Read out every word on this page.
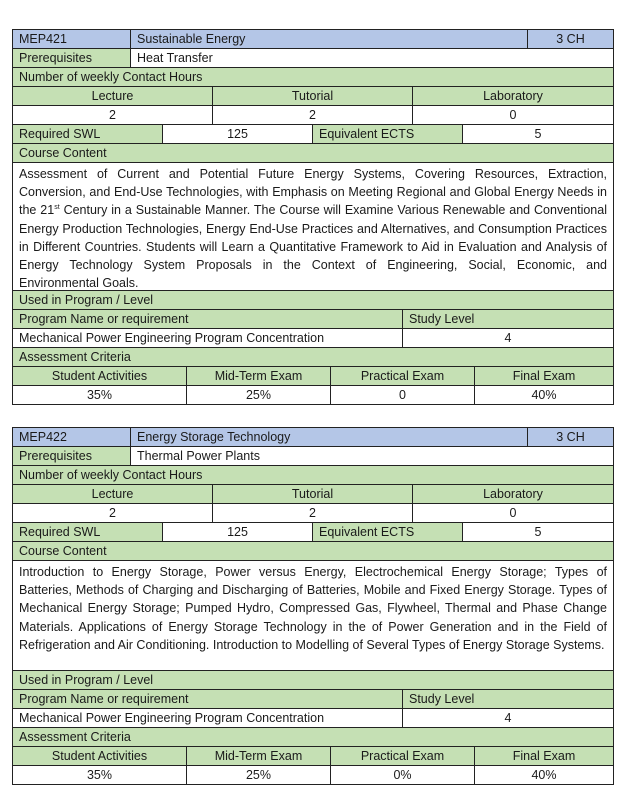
MEP421	Sustainable Energy	3 CH
Prerequisites	Heat Transfer
Number of weekly Contact Hours
Lecture	Tutorial	Laboratory
2	2	0
Required SWL	125	Equivalent ECTS	5
Course Content
Assessment of Current and Potential Future Energy Systems, Covering Resources, Extraction, Conversion, and End-Use Technologies, with Emphasis on Meeting Regional and Global Energy Needs in the 21st Century in a Sustainable Manner. The Course will Examine Various Renewable and Conventional Energy Production Technologies, Energy End-Use Practices and Alternatives, and Consumption Practices in Different Countries. Students will Learn a Quantitative Framework to Aid in Evaluation and Analysis of Energy Technology System Proposals in the Context of Engineering, Social, Economic, and Environmental Goals.
Used in Program / Level
Program Name or requirement	Study Level
Mechanical Power Engineering Program Concentration	4
Assessment Criteria
Student Activities	Mid-Term Exam	Practical Exam	Final Exam
35%	25%	0	40%
MEP422	Energy Storage Technology	3 CH
Prerequisites	Thermal Power Plants
Number of weekly Contact Hours
Lecture	Tutorial	Laboratory
2	2	0
Required SWL	125	Equivalent ECTS	5
Course Content
Introduction to Energy Storage, Power versus Energy, Electrochemical Energy Storage; Types of Batteries, Methods of Charging and Discharging of Batteries, Mobile and Fixed Energy Storage. Types of Mechanical Energy Storage; Pumped Hydro, Compressed Gas, Flywheel, Thermal and Phase Change Materials. Applications of Energy Storage Technology in the of Power Generation and in the Field of Refrigeration and Air Conditioning. Introduction to Modelling of Several Types of Energy Storage Systems.
Used in Program / Level
Program Name or requirement	Study Level
Mechanical Power Engineering Program Concentration	4
Assessment Criteria
Student Activities	Mid-Term Exam	Practical Exam	Final Exam
35%	25%	0%	40%
